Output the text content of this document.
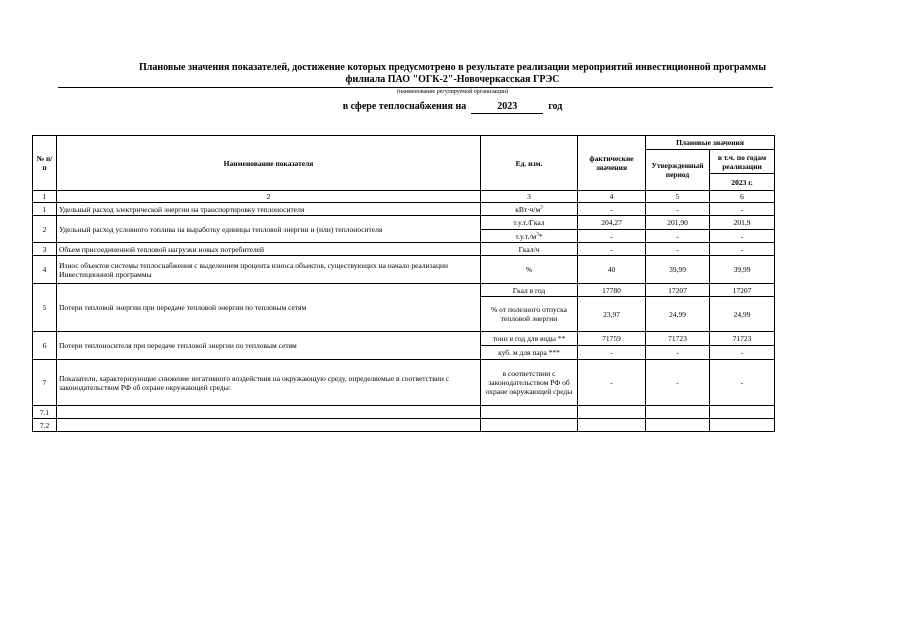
Плановые значения показателей, достижение которых предусмотрено в результате реализации мероприятий инвестиционной программы
филиала ПАО "ОГК-2"-Новочеркасская ГРЭС
(наименование регулируемой организации)
в сфере теплоснабжения на	2023	год
№ п/п	Наименование показателя	Ед. изм.	фактические значения	Плановые значения	
				Утвержденный период	в т.ч. по годам реализации
					2023 г.
1	2	3	4	5	6
1	Удельный расход электрической энергии на транспортировку теплоносителя	$кВт\cdot ч/м^3$	-	-	-
2	Удельный расход условного топлива на выработку единицы тепловой энергии и (или) теплоносителя	т.у.т./Гкал	204,27	201,90	201,9
		$т.у.т./м^3*$	-	-	-
3	Объем присоединенной тепловой нагрузки новых потребителей	Гкал/ч	-	-	-
4	Износ объектов системы теплоснабжения с выделением процента износа объектов, существующих на начало реализации Инвестиционной программы	%	40	39,99	39,99
5	Потери тепловой энергии при передаче тепловой энергии по тепловым сетям	Гкал в год	17780	17207	17207
		% от полезного отпуска тепловой энергии	23,97	24,99	24,99
6	Потери теплоносителя при передаче тепловой энергии по тепловым сетям	тонн в год для воды **	71759	71723	71723
		куб. м для пара ***	-	-	-
7	Показатели, характеризующие снижение негативного воздействия на окружающую среду, определяемые в соответствии с законодательством РФ об охране окружающей среды:	в соответствии с законодательством РФ об охране окружающей среды	-	-	-
7.1					
7.2					
